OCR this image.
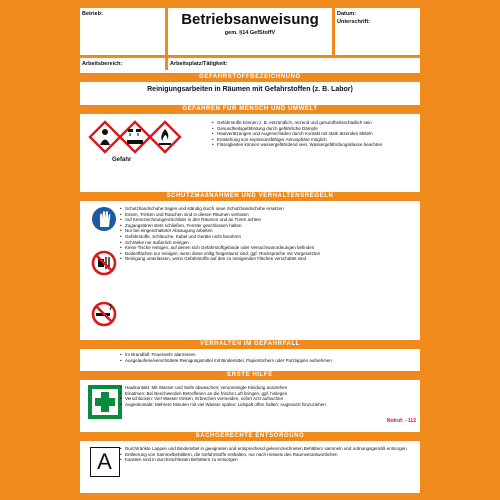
Betrieb:	Betriebsanweisung
gem. §14 GefStoffV
Datum:
Unterschrift:
Arbeitsbereich:	Arbeitsplatz/Tätigkeit:
GEFAHRSTOFFBEZEICHNUNG
Reinigungsarbeiten in Räumen mit Gefahrstoffen (z. B. Labor)
GEFAHREN FÜR MENSCH UND UMWELT
Gefahr
• Gefahrstoffe können z. B. entzündlich, reizend und gesundheitsschädlich sein
• Gesundheitsgefährdung durch gefährliche Dämpfe
• Hautverätzungen und Augenschäden durch Kontakt mit stark ätzenden Mitteln
• Entstehung von explosionsfähiger Atmosphäre möglich
• Flüssigkeiten können wassergefährdend sein, Wassergefährdungsklasse beachten
SCHUTZMAßNAHMEN UND VERHALTENSREGELN
• Schutzhandschuhe tragen und ständig durch neue Schutzhandschuhe ersetzen
• Essen, Trinken und Rauchen sind in diesen Räumen verboten
• Auf Kennzeichnungen/Schilder in den Räumen und an Türen achten
• Zugangstüren stets schließen, Fenster geschlossen halten
• Nur bei eingeschalteter Absaugung arbeiten
• Gefahrstoffe, Schläuche, Kabel und Geräte nicht berühren
• Schränke nur äußerlich reinigen
• Keine Tische reinigen, auf denen sich Gefahrstoffgebinde oder Versuchsanordnungen befinden
• Bodenflächen nur reinigen, wenn diese völlig freigeräumt sind; ggf. Rücksprache mit Vorgesetzten
• Reinigung unterlassen, wenn Gefahrstoffe auf den zu reinigenden Flächen verschüttet sind
VERHALTEN IM GEFAHRFALL
• Im Brandfall: Feuerwehr alarmieren
• Ausgelaufene/verschüttete Reinigungsmittel mit Bindemittel, Papiertüchern oder Putzlappen aufnehmen
ERSTE HILFE
• Hautkontakt: Mit Wasser und Seife abwaschen; verunreinigte Kleidung ausziehen
• Einatmen: Bei Beschwerden Betroffenen an die frische Luft bringen, ggf. hinlegen
• Verschlucken: Viel Wasser trinken, Erbrechen vermeiden, sofort Arzt aufsuchen
• Augenkontakt: Mehrere Minuten mit viel Wasser spülen; Lidspalt offen halten; Augenarzt hinzuziehen
Notruf: - 112
SACHGERECHTE ENTSORGUNG
A
• Durchtränkte Lappen und Bindemittel in geeigneten und entsprechend gekennzeichneten Behältern sammeln und ordnungsgemäß entsorgen
• Entleerung von Sammelbehältern, die Gefahrstoffe enthalten, nur nach Hinweis des Raumverantwortlichen
• Kanülen sind in durchstichfesten Behältern zu entsorgen
